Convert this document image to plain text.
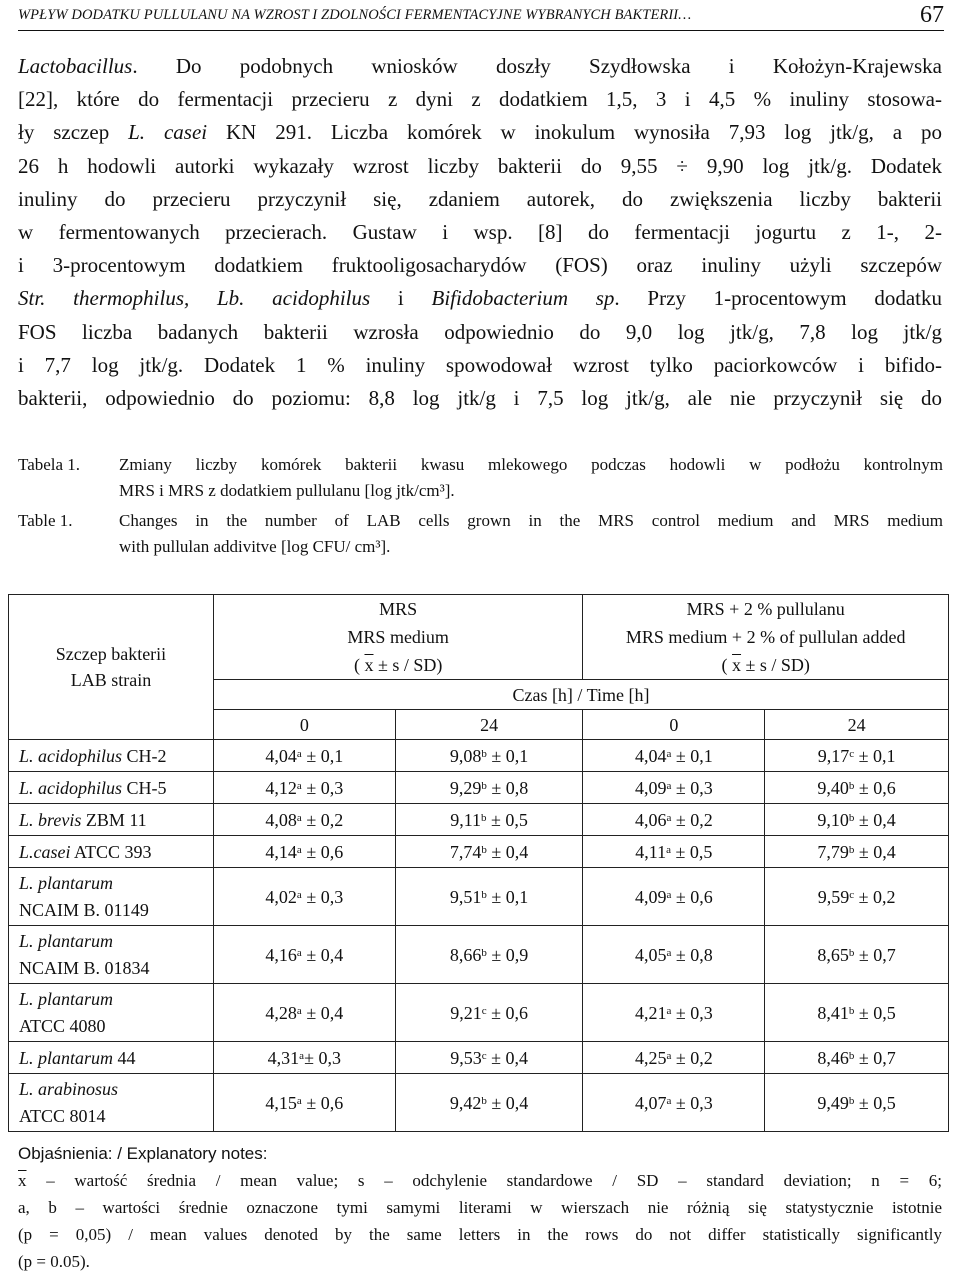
WPŁYW DODATKU PULLULANU NA WZROST I ZDOLNOŚCI FERMENTACYJNE WYBRANYCH BAKTERII…	67
Lactobacillus. Do podobnych wniosków doszły Szydłowska i Kołożyn-Krajewska
[22], które do fermentacji przecieru z dyni z dodatkiem 1,5, 3 i 4,5 % inuliny stosowa-
ły szczep L. casei KN 291. Liczba komórek w inokulum wynosiła 7,93 log jtk/g, a po
26 h hodowli autorki wykazały wzrost liczby bakterii do 9,55 ÷ 9,90 log jtk/g. Dodatek
inuliny do przecieru przyczynił się, zdaniem autorek, do zwiększenia liczby bakterii
w fermentowanych przecierach. Gustaw i wsp. [8] do fermentacji jogurtu z 1-, 2-
i 3-procentowym dodatkiem fruktooligosacharydów (FOS) oraz inuliny użyli szczepów
Str. thermophilus, Lb. acidophilus i Bifidobacterium sp. Przy 1-procentowym dodatku
FOS liczba badanych bakterii wzrosła odpowiednio do 9,0 log jtk/g, 7,8 log jtk/g
i 7,7 log jtk/g. Dodatek 1 % inuliny spowodował wzrost tylko paciorkowców i bifido-
bakterii, odpowiednio do poziomu: 8,8 log jtk/g i 7,5 log jtk/g, ale nie przyczynił się do
Tabela 1. Zmiany liczby komórek bakterii kwasu mlekowego podczas hodowli w podłożu kontrolnym
MRS i MRS z dodatkiem pullulanu [log jtk/cm³].
Table 1.	Changes in the number of LAB cells grown in the MRS control medium and MRS medium
with pullulan addivitve [log CFU/ cm³].
Szczep bakterii
LAB strain	MRS
MRS medium
( $\overline{x} \pm s / SD$)		MRS + 2 % pullulanu
MRS medium + 2 % of pullulan added
( $\overline{x} \pm s / SD$)	
	Czas [h] / Time [h]			
	0	24	0	24
L. acidophilus CH-2	4,04$^a$ ± 0,1	9,08$^b$ ± 0,1	4,04$^a$ ± 0,1	9,17$^c$ ± 0,1
L. acidophilus CH-5	4,12$^a$ ± 0,3	9,29$^b$ ± 0,8	4,09$^a$ ± 0,3	9,40$^b$ ± 0,6
L. brevis ZBM 11	4,08$^a$ ± 0,2	9,11$^b$ ± 0,5	4,06$^a$ ± 0,2	9,10$^b$ ± 0,4
L.casei ATCC 393	4,14$^a$ ± 0,6	7,74$^b$ ± 0,4	4,11$^a$ ± 0,5	7,79$^b$ ± 0,4
L. plantarum
NCAIM B. 01149	4,02$^a$ ± 0,3	9,51$^b$ ± 0,1	4,09$^a$ ± 0,6	9,59$^c$ ± 0,2
L. plantarum
NCAIM B. 01834	4,16$^a$ ± 0,4	8,66$^b$ ± 0,9	4,05$^a$ ± 0,8	8,65$^b$ ± 0,7
L. plantarum
ATCC 4080	4,28$^a$ ± 0,4	9,21$^c$ ± 0,6	4,21$^a$ ± 0,3	8,41$^b$ ± 0,5
L. plantarum 44	4,31$^a$± 0,3	9,53$^c$ ± 0,4	4,25$^a$ ± 0,2	8,46$^b$ ± 0,7
L. arabinosus
ATCC 8014	4,15$^a$ ± 0,6	9,42$^b$ ± 0,4	4,07$^a$ ± 0,3	9,49$^b$ ± 0,5
Objaśnienia: / Explanatory notes:
$\overline{x}$ – wartość średnia / mean value; s – odchylenie standardowe / SD – standard deviation; n = 6;
a, b – wartości średnie oznaczone tymi samymi literami w wierszach nie różnią się statystycznie istotnie
(p = 0,05) / mean values denoted by the same letters in the rows do not differ statistically significantly
(p = 0.05).
